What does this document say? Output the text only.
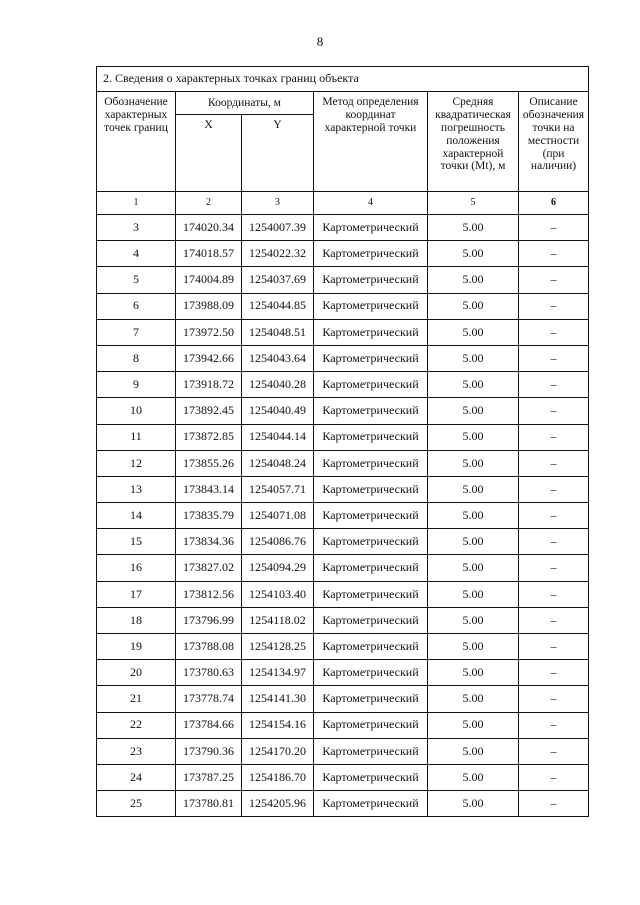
8
2. Сведения о характерных точках границ объекта					
Обозначение характерных точек границ	Координаты, м		Метод определения координат характерной точки	Средняя квадратическая погрешность положения характерной точки (Mt), м	Описание обозначения точки на местности (при наличии)
	X	Y			
1	2	3	4	5	6
3	174020.34	1254007.39	Картометрический	5.00	–
4	174018.57	1254022.32	Картометрический	5.00	–
5	174004.89	1254037.69	Картометрический	5.00	–
6	173988.09	1254044.85	Картометрический	5.00	–
7	173972.50	1254048.51	Картометрический	5.00	–
8	173942.66	1254043.64	Картометрический	5.00	–
9	173918.72	1254040.28	Картометрический	5.00	–
10	173892.45	1254040.49	Картометрический	5.00	–
11	173872.85	1254044.14	Картометрический	5.00	–
12	173855.26	1254048.24	Картометрический	5.00	–
13	173843.14	1254057.71	Картометрический	5.00	–
14	173835.79	1254071.08	Картометрический	5.00	–
15	173834.36	1254086.76	Картометрический	5.00	–
16	173827.02	1254094.29	Картометрический	5.00	–
17	173812.56	1254103.40	Картометрический	5.00	–
18	173796.99	1254118.02	Картометрический	5.00	–
19	173788.08	1254128.25	Картометрический	5.00	–
20	173780.63	1254134.97	Картометрический	5.00	–
21	173778.74	1254141.30	Картометрический	5.00	–
22	173784.66	1254154.16	Картометрический	5.00	–
23	173790.36	1254170.20	Картометрический	5.00	–
24	173787.25	1254186.70	Картометрический	5.00	–
25	173780.81	1254205.96	Картометрический	5.00	–
